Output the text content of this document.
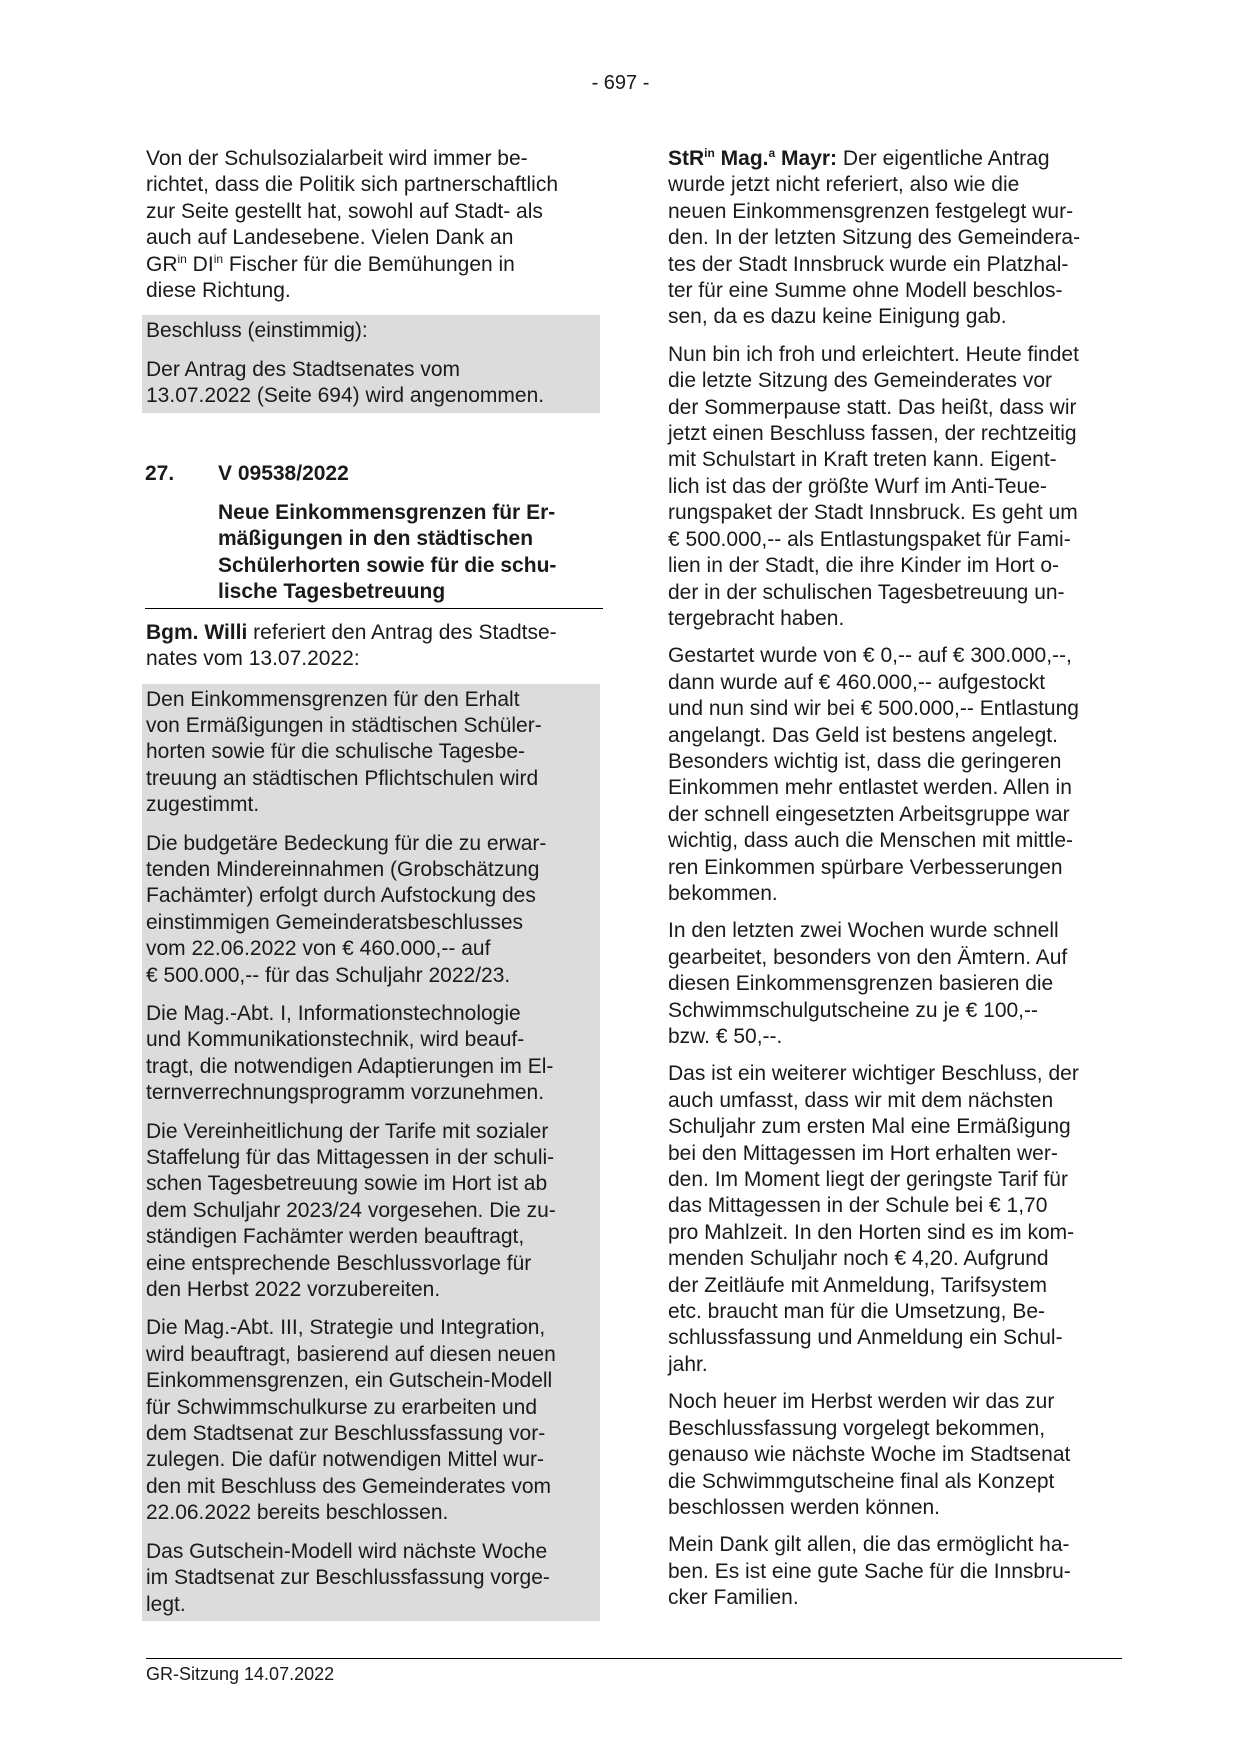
- 697 -

Von der Schulsozialarbeit wird immer be-
richtet, dass die Politik sich partnerschaftlich
zur Seite gestellt hat, sowohl auf Stadt- als
auch auf Landesebene. Vielen Dank an
$GR^{in}$ $DI^{in}$ Fischer für die Bemühungen in
diese Richtung.

Beschluss (einstimmig):

Der Antrag des Stadtsenates vom
13.07.2022 (Seite 694) wird angenommen.

27.	V 09538/2022
Neue Einkommensgrenzen für Er-
mäßigungen in den städtischen
Schülerhorten sowie für die schu-
lische Tagesbetreuung

Bgm. Willi referiert den Antrag des Stadtse-
nates vom 13.07.2022:

Den Einkommensgrenzen für den Erhalt
von Ermäßigungen in städtischen Schüler-
horten sowie für die schulische Tagesbe-
treuung an städtischen Pflichtschulen wird
zugestimmt.

Die budgetäre Bedeckung für die zu erwar-
tenden Mindereinnahmen (Grobschätzung
Fachämter) erfolgt durch Aufstockung des
einstimmigen Gemeinderatsbeschlusses
vom 22.06.2022 von € 460.000,-- auf
€ 500.000,-- für das Schuljahr 2022/23.

Die Mag.-Abt. I, Informationstechnologie
und Kommunikationstechnik, wird beauf-
tragt, die notwendigen Adaptierungen im El-
ternverrechnungsprogramm vorzunehmen.

Die Vereinheitlichung der Tarife mit sozialer
Staffelung für das Mittagessen in der schuli-
schen Tagesbetreuung sowie im Hort ist ab
dem Schuljahr 2023/24 vorgesehen. Die zu-
ständigen Fachämter werden beauftragt,
eine entsprechende Beschlussvorlage für
den Herbst 2022 vorzubereiten.

Die Mag.-Abt. III, Strategie und Integration,
wird beauftragt, basierend auf diesen neuen
Einkommensgrenzen, ein Gutschein-Modell
für Schwimmschulkurse zu erarbeiten und
dem Stadtsenat zur Beschlussfassung vor-
zulegen. Die dafür notwendigen Mittel wur-
den mit Beschluss des Gemeinderates vom
22.06.2022 bereits beschlossen.

Das Gutschein-Modell wird nächste Woche
im Stadtsenat zur Beschlussfassung vorge-
legt.

StR$^{in}$ Mag.$^a$ Mayr: Der eigentliche Antrag
wurde jetzt nicht referiert, also wie die
neuen Einkommensgrenzen festgelegt wur-
den. In der letzten Sitzung des Gemeindera-
tes der Stadt Innsbruck wurde ein Platzhal-
ter für eine Summe ohne Modell beschlos-
sen, da es dazu keine Einigung gab.

Nun bin ich froh und erleichtert. Heute findet
die letzte Sitzung des Gemeinderates vor
der Sommerpause statt. Das heißt, dass wir
jetzt einen Beschluss fassen, der rechtzeitig
mit Schulstart in Kraft treten kann. Eigent-
lich ist das der größte Wurf im Anti-Teue-
rungspaket der Stadt Innsbruck. Es geht um
€ 500.000,-- als Entlastungspaket für Fami-
lien in der Stadt, die ihre Kinder im Hort o-
der in der schulischen Tagesbetreuung un-
tergebracht haben.

Gestartet wurde von € 0,-- auf € 300.000,--,
dann wurde auf € 460.000,-- aufgestockt
und nun sind wir bei € 500.000,-- Entlastung
angelangt. Das Geld ist bestens angelegt.
Besonders wichtig ist, dass die geringeren
Einkommen mehr entlastet werden. Allen in
der schnell eingesetzten Arbeitsgruppe war
wichtig, dass auch die Menschen mit mittle-
ren Einkommen spürbare Verbesserungen
bekommen.

In den letzten zwei Wochen wurde schnell
gearbeitet, besonders von den Ämtern. Auf
diesen Einkommensgrenzen basieren die
Schwimmschulgutscheine zu je € 100,--
bzw. € 50,--.

Das ist ein weiterer wichtiger Beschluss, der
auch umfasst, dass wir mit dem nächsten
Schuljahr zum ersten Mal eine Ermäßigung
bei den Mittagessen im Hort erhalten wer-
den. Im Moment liegt der geringste Tarif für
das Mittagessen in der Schule bei € 1,70
pro Mahlzeit. In den Horten sind es im kom-
menden Schuljahr noch € 4,20. Aufgrund
der Zeitläufe mit Anmeldung, Tarifsystem
etc. braucht man für die Umsetzung, Be-
schlussfassung und Anmeldung ein Schul-
jahr.

Noch heuer im Herbst werden wir das zur
Beschlussfassung vorgelegt bekommen,
genauso wie nächste Woche im Stadtsenat
die Schwimmgutscheine final als Konzept
beschlossen werden können.

Mein Dank gilt allen, die das ermöglicht ha-
ben. Es ist eine gute Sache für die Innsbru-
cker Familien.

GR-Sitzung 14.07.2022
